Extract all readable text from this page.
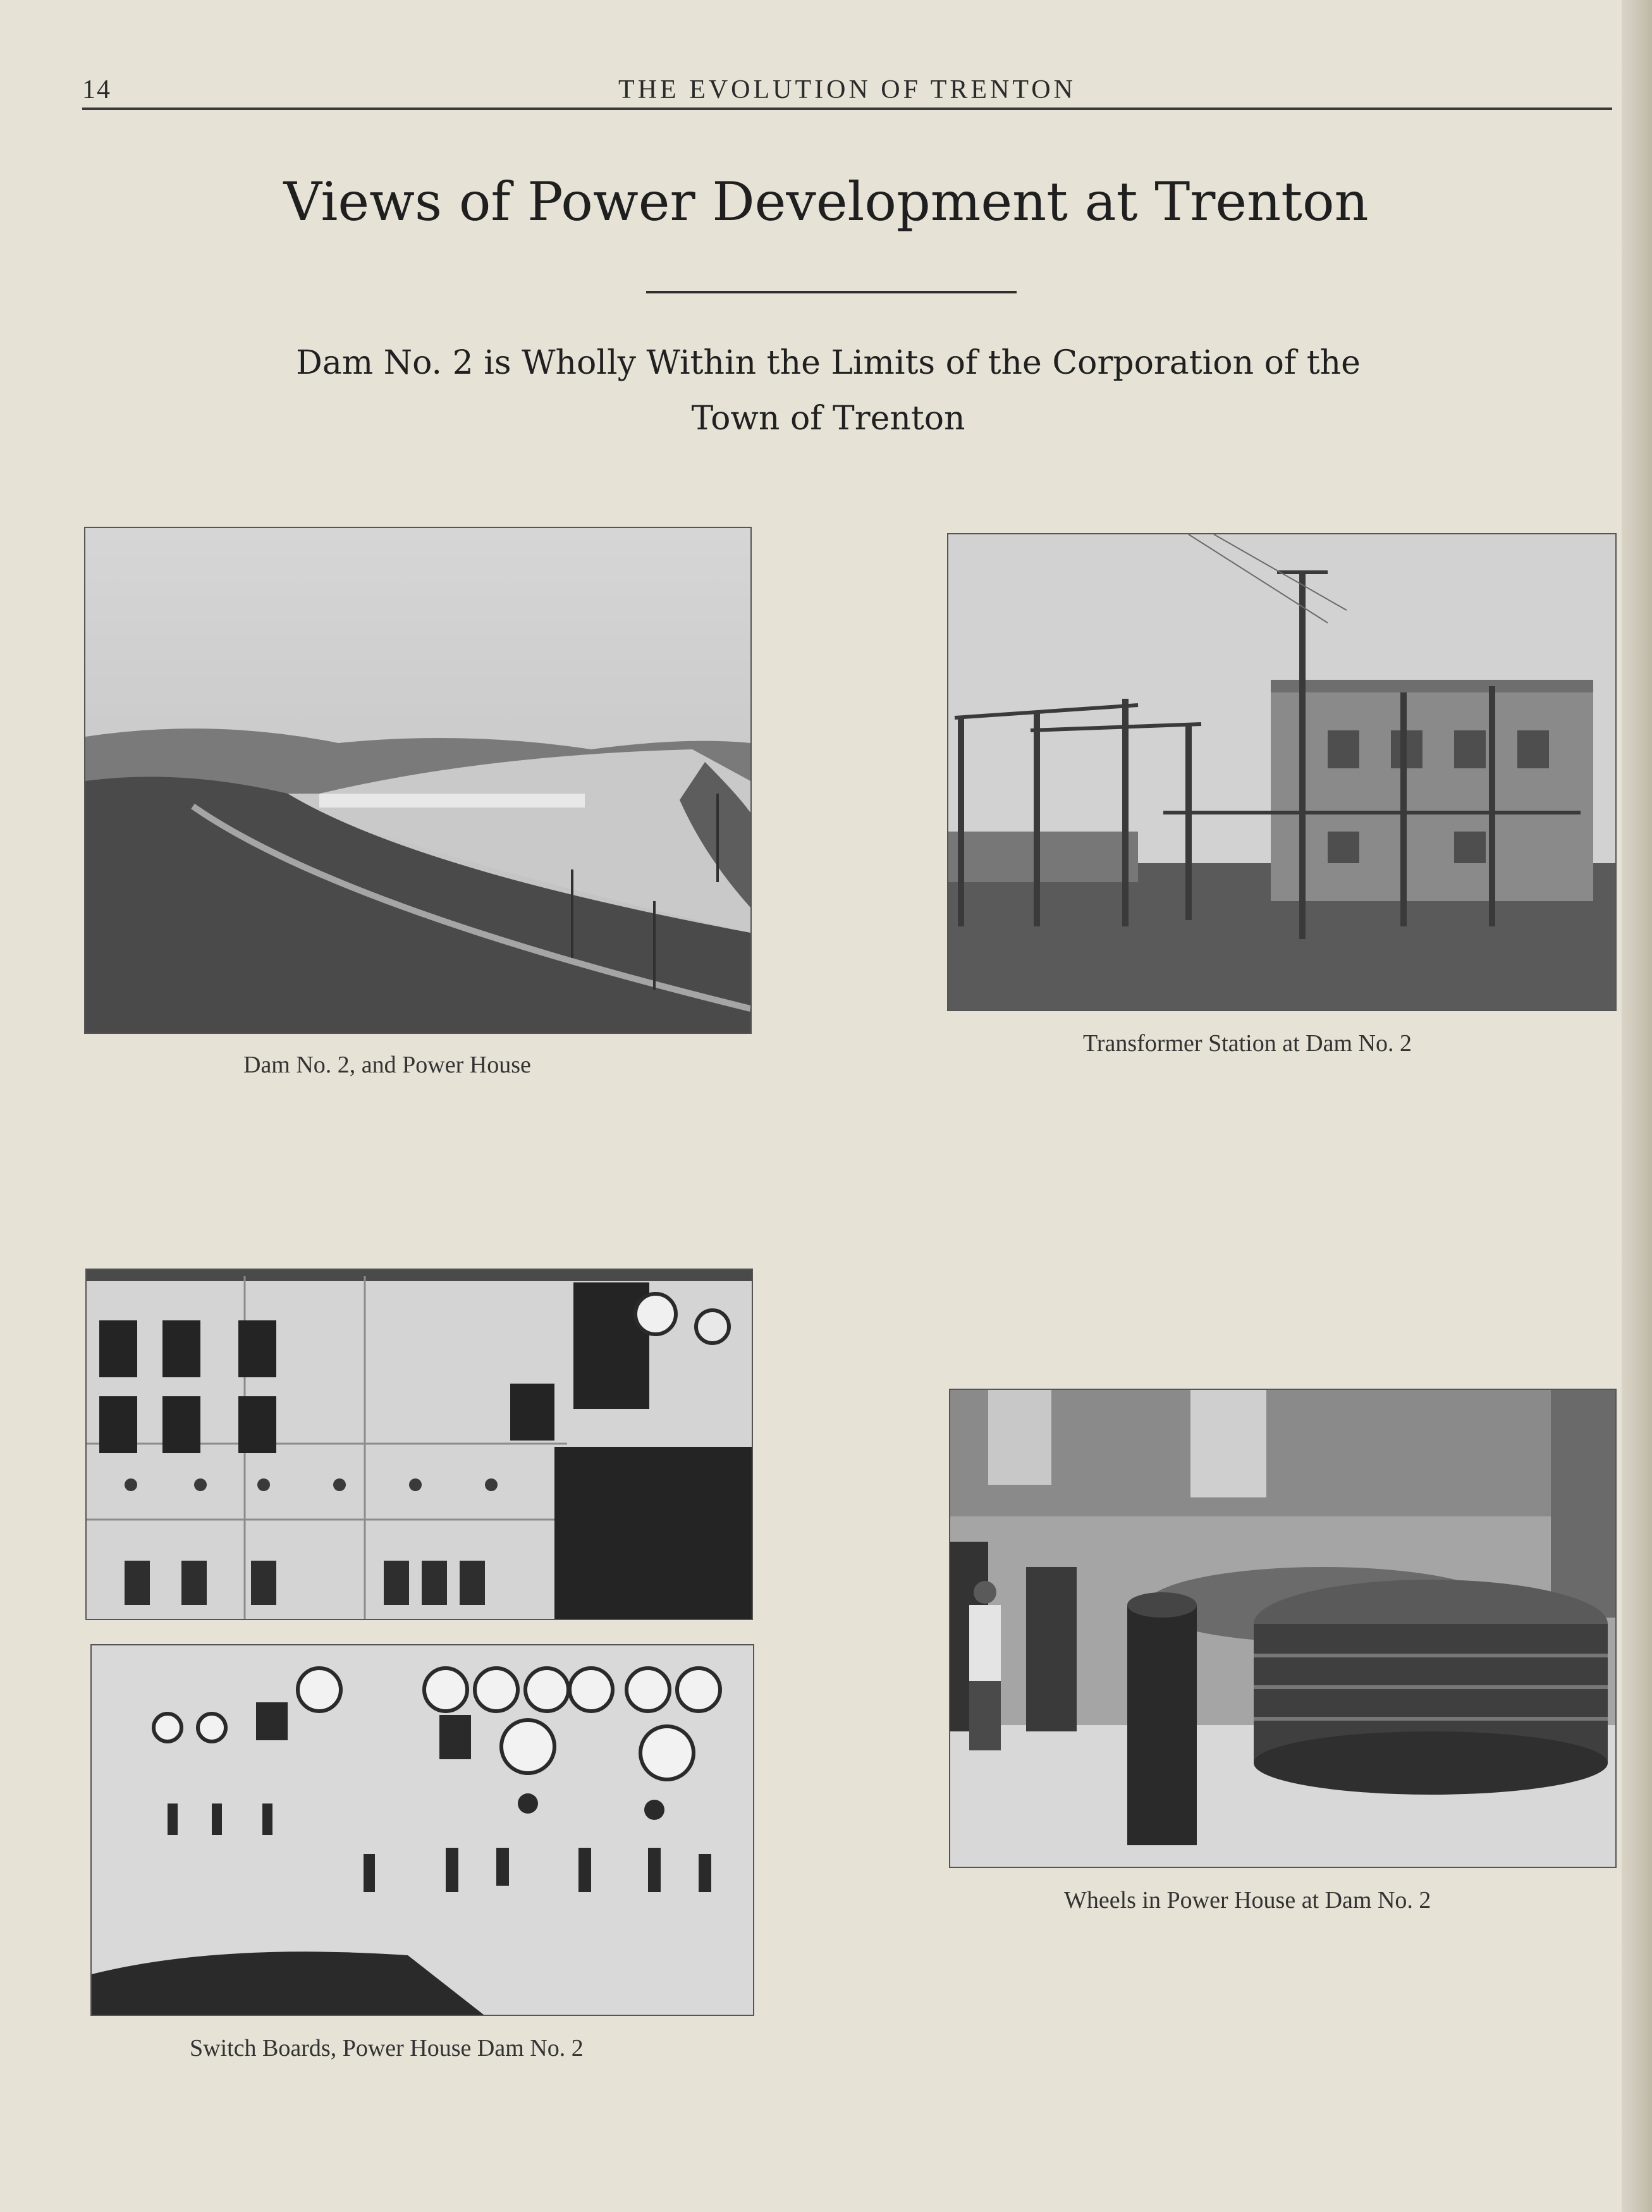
14	THE EVOLUTION OF TRENTON
Views of Power Development at Trenton
Dam No. 2 is Wholly Within the Limits of the Corporation of the
Town of Trenton
Dam No. 2, and Power House
Transformer Station at Dam No. 2
Switch Boards, Power House Dam No. 2
Wheels in Power House at Dam No. 2
